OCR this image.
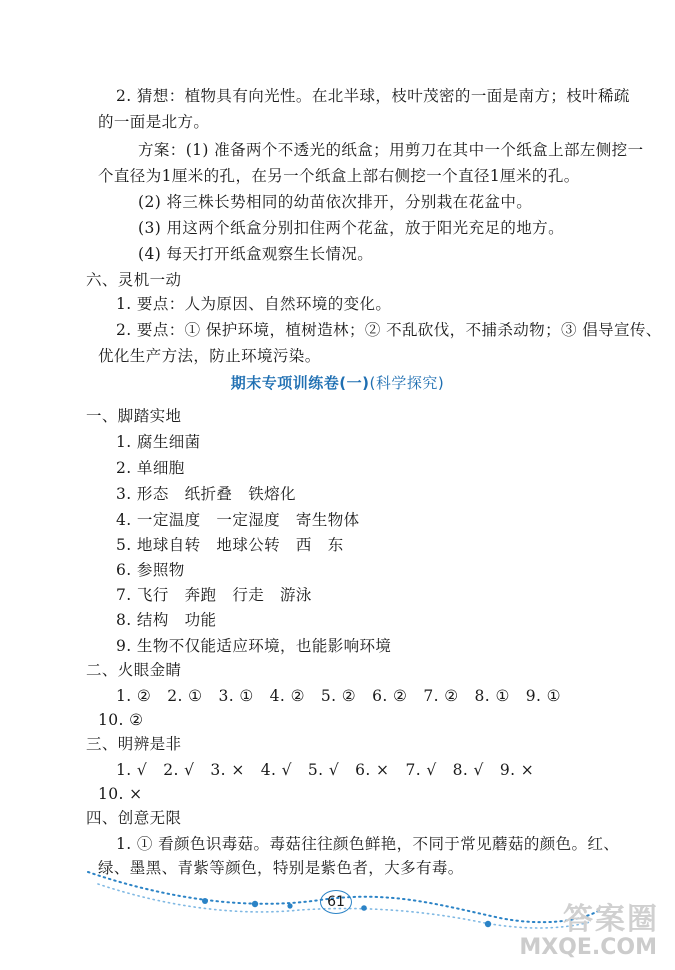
2. 猜想：植物具有向光性。在北半球，枝叶茂密的一面是南方；枝叶稀疏
的一面是北方。
方案：(1) 准备两个不透光的纸盒；用剪刀在其中一个纸盒上部左侧挖一
个直径为1厘米的孔，在另一个纸盒上部右侧挖一个直径1厘米的孔。
(2) 将三株长势相同的幼苗依次排开，分别栽在花盆中。
(3) 用这两个纸盒分别扣住两个花盆，放于阳光充足的地方。
(4) 每天打开纸盒观察生长情况。
六、灵机一动
1. 要点：人为原因、自然环境的变化。
2. 要点：① 保护环境，植树造林；② 不乱砍伐，不捕杀动物；③ 倡导宣传、
优化生产方法，防止环境污染。
期末专项训练卷(一)(科学探究)
一、脚踏实地
1. 腐生细菌
2. 单细胞
3. 形态　纸折叠　铁熔化
4. 一定温度　一定湿度　寄生物体
5. 地球自转　地球公转　西　东
6. 参照物
7. 飞行　奔跑　行走　游泳
8. 结构　功能
9. 生物不仅能适应环境，也能影响环境
二、火眼金睛
1. ② 2. ① 3. ① 4. ② 5. ② 6. ② 7. ② 8. ① 9. ①
10. ②
三、明辨是非
1. √ 2. √ 3. × 4. √ 5. √ 6. × 7. √ 8. √ 9. ×
10. ×
四、创意无限
1. ① 看颜色识毒菇。毒菇往往颜色鲜艳，不同于常见蘑菇的颜色。红、
绿、墨黑、青紫等颜色，特别是紫色者，大多有毒。
61	答案圈
MXQE.COM
